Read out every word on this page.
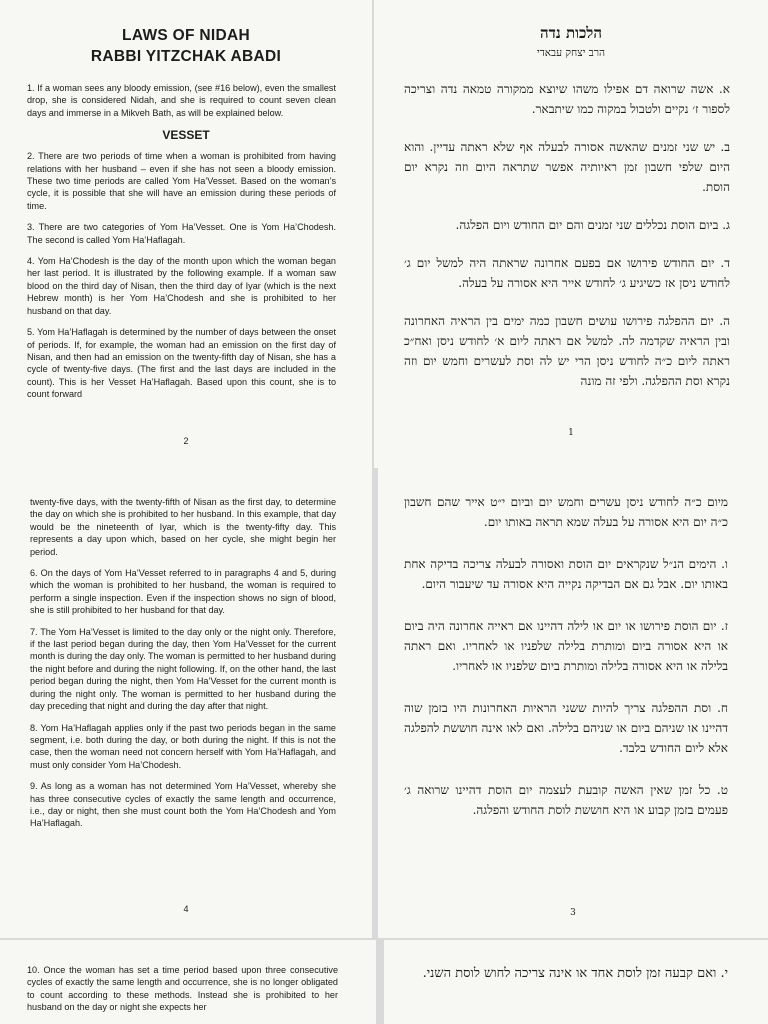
LAWS OF NIDAH
RABBI YITZCHAK ABADI

1. If a woman sees any bloody emission, (see #16 below), even the smallest drop, she is considered Nidah, and she is required to count seven clean days and immerse in a Mikveh Bath, as will be explained below.

VESSET

2. There are two periods of time when a woman is prohibited from having relations with her husband – even if she has not seen a bloody emission. These two time periods are called Yom Ha’Vesset. Based on the woman’s cycle, it is possible that she will have an emission during these periods of time.

3. There are two categories of Yom Ha’Vesset. One is Yom Ha’Chodesh. The second is called Yom Ha’Haflagah.

4. Yom Ha’Chodesh is the day of the month upon which the woman began her last period. It is illustrated by the following example. If a woman saw blood on the third day of Nisan, then the third day of Iyar (which is the next Hebrew month) is her Yom Ha’Chodesh and she is prohibited to her husband on that day.

5. Yom Ha’Haflagah is determined by the number of days between the onset of periods. If, for example, the woman had an emission on the first day of Nisan, and then had an emission on the twenty-fifth day of Nisan, she has a cycle of twenty-five days. (The first and the last days are included in the count). This is her Vesset Ha’Haflagah. Based upon this count, she is to count forward

2
הלכות נדה
הרב יצחק עבאדי

א. אשה שרואה דם אפילו משהו שיוצא ממקורה טמאה נדה וצריכה לספור ז׳ נקיים ולטבול במקוה כמו שיתבאר.

ב. יש שני זמנים שהאשה אסורה לבעלה אף שלא ראתה עדיין. והוא היום שלפי חשבון זמן ראיותיה אפשר שתראה היום וזה נקרא יום הוסת.

ג. ביום הוסת נכללים שני זמנים והם יום החודש ויום הפלגה.

ד. יום החודש פירושו אם בפעם אחרונה שראתה היה למשל יום ג׳ לחודש ניסן אז כשיגיע ג׳ לחודש אייר היא אסורה על בעלה.

ה. יום ההפלגה פירושו עושים חשבון כמה ימים בין הראיה האחרונה ובין הראיה שקדמה לה. למשל אם ראתה ליום א׳ לחודש ניסן ואח״כ ראתה ליום כ״ה לחודש ניסן הרי יש לה וסת לעשרים וחמש יום וזה נקרא וסת ההפלגה. ולפי זה מונה

1

twenty-five days, with the twenty-fifth of Nisan as the first day, to determine the day on which she is prohibited to her husband. In this example, that day would be the nineteenth of Iyar, which is the twenty-fifty day. This represents a day upon which, based on her cycle, she might begin her period.

6. On the days of Yom Ha’Vesset referred to in paragraphs 4 and 5, during which the woman is prohibited to her husband, the woman is required to perform a single inspection. Even if the inspection shows no sign of blood, she is still prohibited to her husband for that day.

7. The Yom Ha’Vesset is limited to the day only or the night only. Therefore, if the last period began during the day, then Yom Ha’Vesset for the current month is during the day only. The woman is permitted to her husband during the night before and during the night following. If, on the other hand, the last period began during the night, then Yom Ha’Vesset for the current month is during the night only. The woman is permitted to her husband during the day preceding that night and during the day after that night.

8. Yom Ha’Haflagah applies only if the past two periods began in the same segment, i.e. both during the day, or both during the night. If this is not the case, then the woman need not concern herself with Yom Ha’Haflagah, and must only consider Yom Ha’Chodesh.

9. As long as a woman has not determined Yom Ha’Vesset, whereby she has three consecutive cycles of exactly the same length and occurrence, i.e., day or night, then she must count both the Yom Ha’Chodesh and Yom Ha’Haflagah.

4

מיום כ״ה לחודש ניסן עשרים וחמש יום וביום י״ט אייר שהם חשבון כ״ה יום היא אסורה על בעלה שמא תראה באותו יום.

ו. הימים הנ״ל שנקראים יום הוסת ואסורה לבעלה צריכה בדיקה אחת באותו יום. אבל גם אם הבדיקה נקייה היא אסורה עד שיעבור היום.

ז. יום הוסת פירושו או יום או לילה דהיינו אם ראייה אחרונה היה ביום או היא אסורה ביום ומותרת בלילה שלפניו או לאחריו. ואם ראתה בלילה או היא אסורה בלילה ומותרת ביום שלפניו או לאחריו.

ח. וסת ההפלגה צריך להיות ששני הראיות האחרונות היו בזמן שוה דהיינו או שניהם ביום או שניהם בלילה. ואם לאו אינה חוששת להפלגה אלא ליום החודש בלבד.

ט. כל זמן שאין האשה קובעת לעצמה יום הוסת דהיינו שרואה ג׳ פעמים בזמן קבוע או היא חוששת לוסת החודש והפלגה.

3

10. Once the woman has set a time period based upon three consecutive cycles of exactly the same length and occurrence, she is no longer obligated to count according to these methods. Instead she is prohibited to her husband on the day or night she expects her

י. ואם קבעה זמן לוסת אחד או אינה צריכה לחוש לוסת השני.
